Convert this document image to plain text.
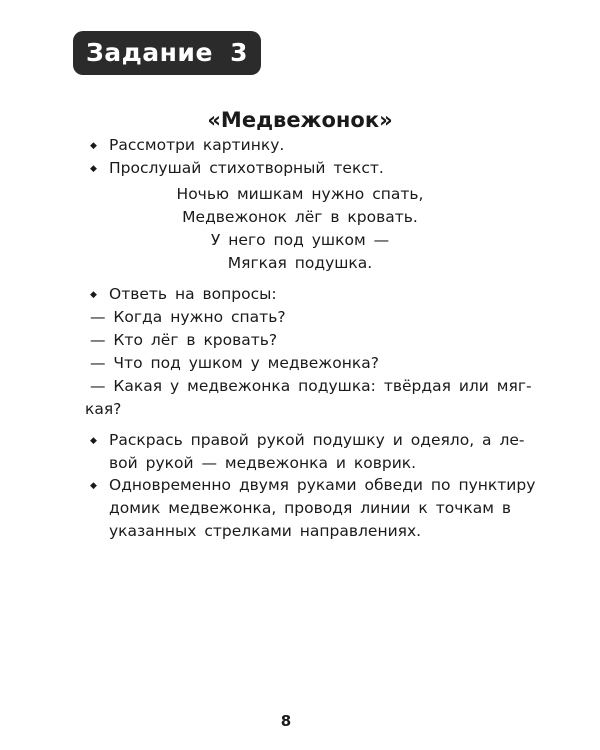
Задание 3
«Медвежонок»
◆ Рассмотри картинку.
◆ Прослушай стихотворный текст.
Ночью мишкам нужно спать,
Медвежонок лёг в кровать.
У него под ушком —
Мягкая подушка.
◆ Ответь на вопросы:
— Когда нужно спать?
— Кто лёг в кровать?
— Что под ушком у медвежонка?
— Какая у медвежонка подушка: твёрдая или мяг-
кая?
◆ Раскрась правой рукой подушку и одеяло, а ле-
вой рукой — медвежонка и коврик.
◆ Одновременно двумя руками обведи по пунктиру
домик медвежонка, проводя линии к точкам в
указанных стрелками направлениях.
8
